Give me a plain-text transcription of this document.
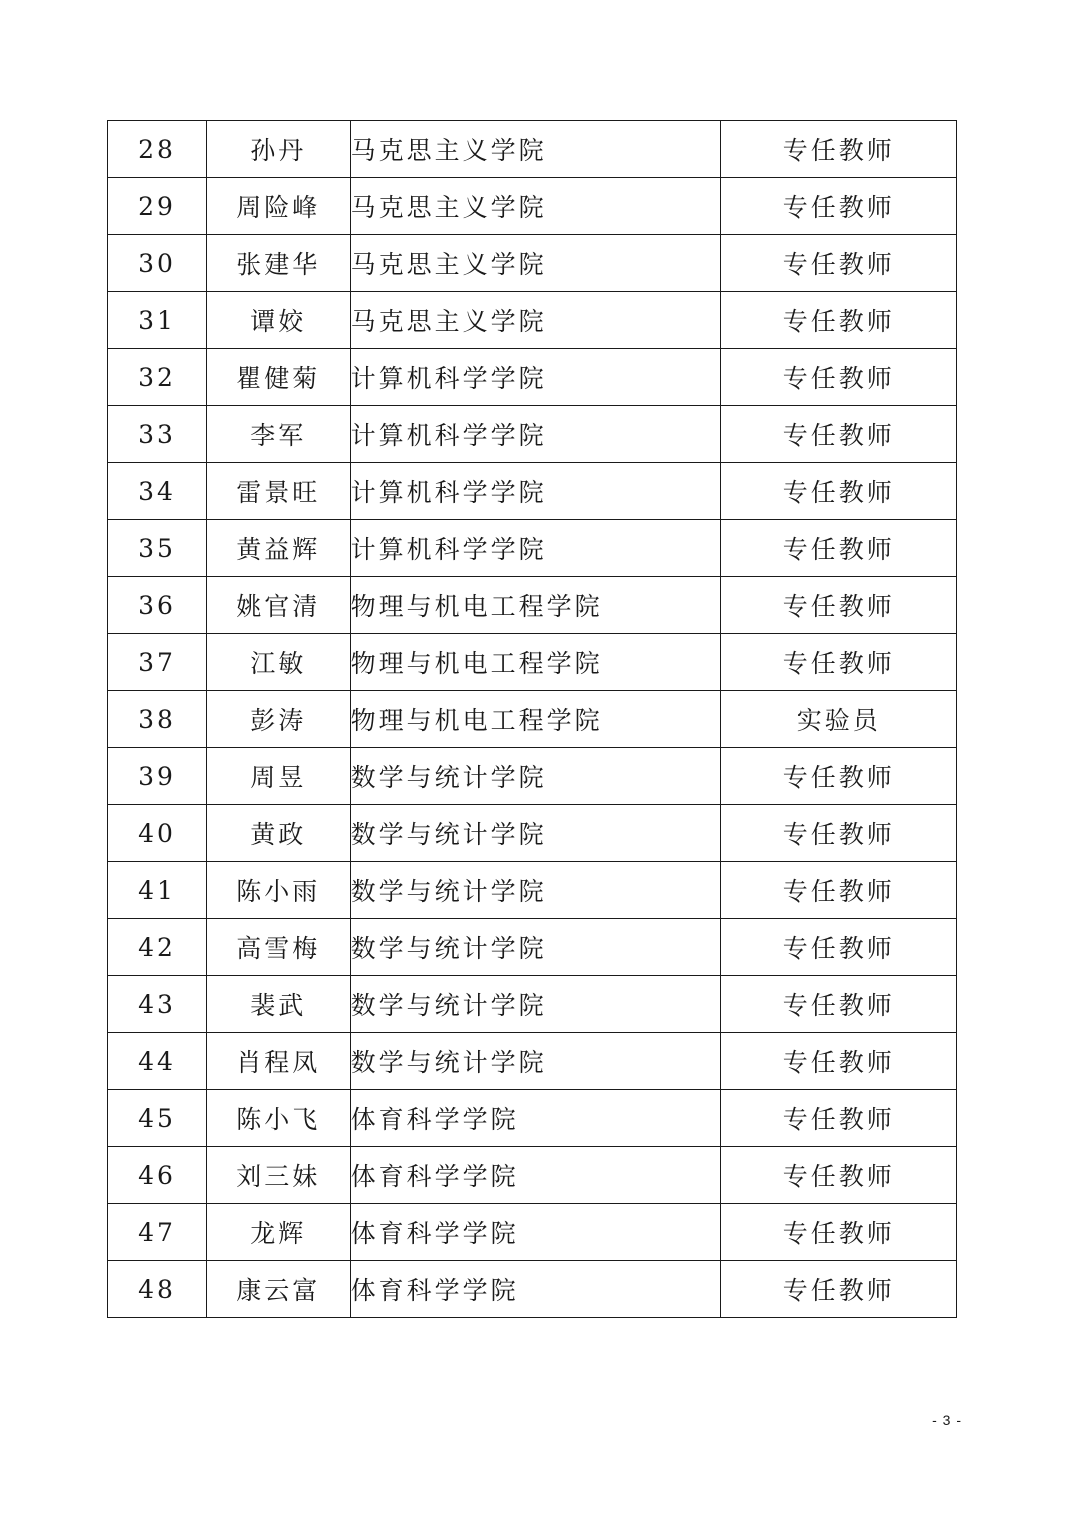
28	孙丹	马克思主义学院	专任教师
29	周险峰	马克思主义学院	专任教师
30	张建华	马克思主义学院	专任教师
31	谭姣	马克思主义学院	专任教师
32	瞿健菊	计算机科学学院	专任教师
33	李军	计算机科学学院	专任教师
34	雷景旺	计算机科学学院	专任教师
35	黄益辉	计算机科学学院	专任教师
36	姚官清	物理与机电工程学院	专任教师
37	江敏	物理与机电工程学院	专任教师
38	彭涛	物理与机电工程学院	实验员
39	周昱	数学与统计学院	专任教师
40	黄政	数学与统计学院	专任教师
41	陈小雨	数学与统计学院	专任教师
42	高雪梅	数学与统计学院	专任教师
43	裴武	数学与统计学院	专任教师
44	肖程凤	数学与统计学院	专任教师
45	陈小飞	体育科学学院	专任教师
46	刘三妹	体育科学学院	专任教师
47	龙辉	体育科学学院	专任教师
48	康云富	体育科学学院	专任教师
- 3 -
